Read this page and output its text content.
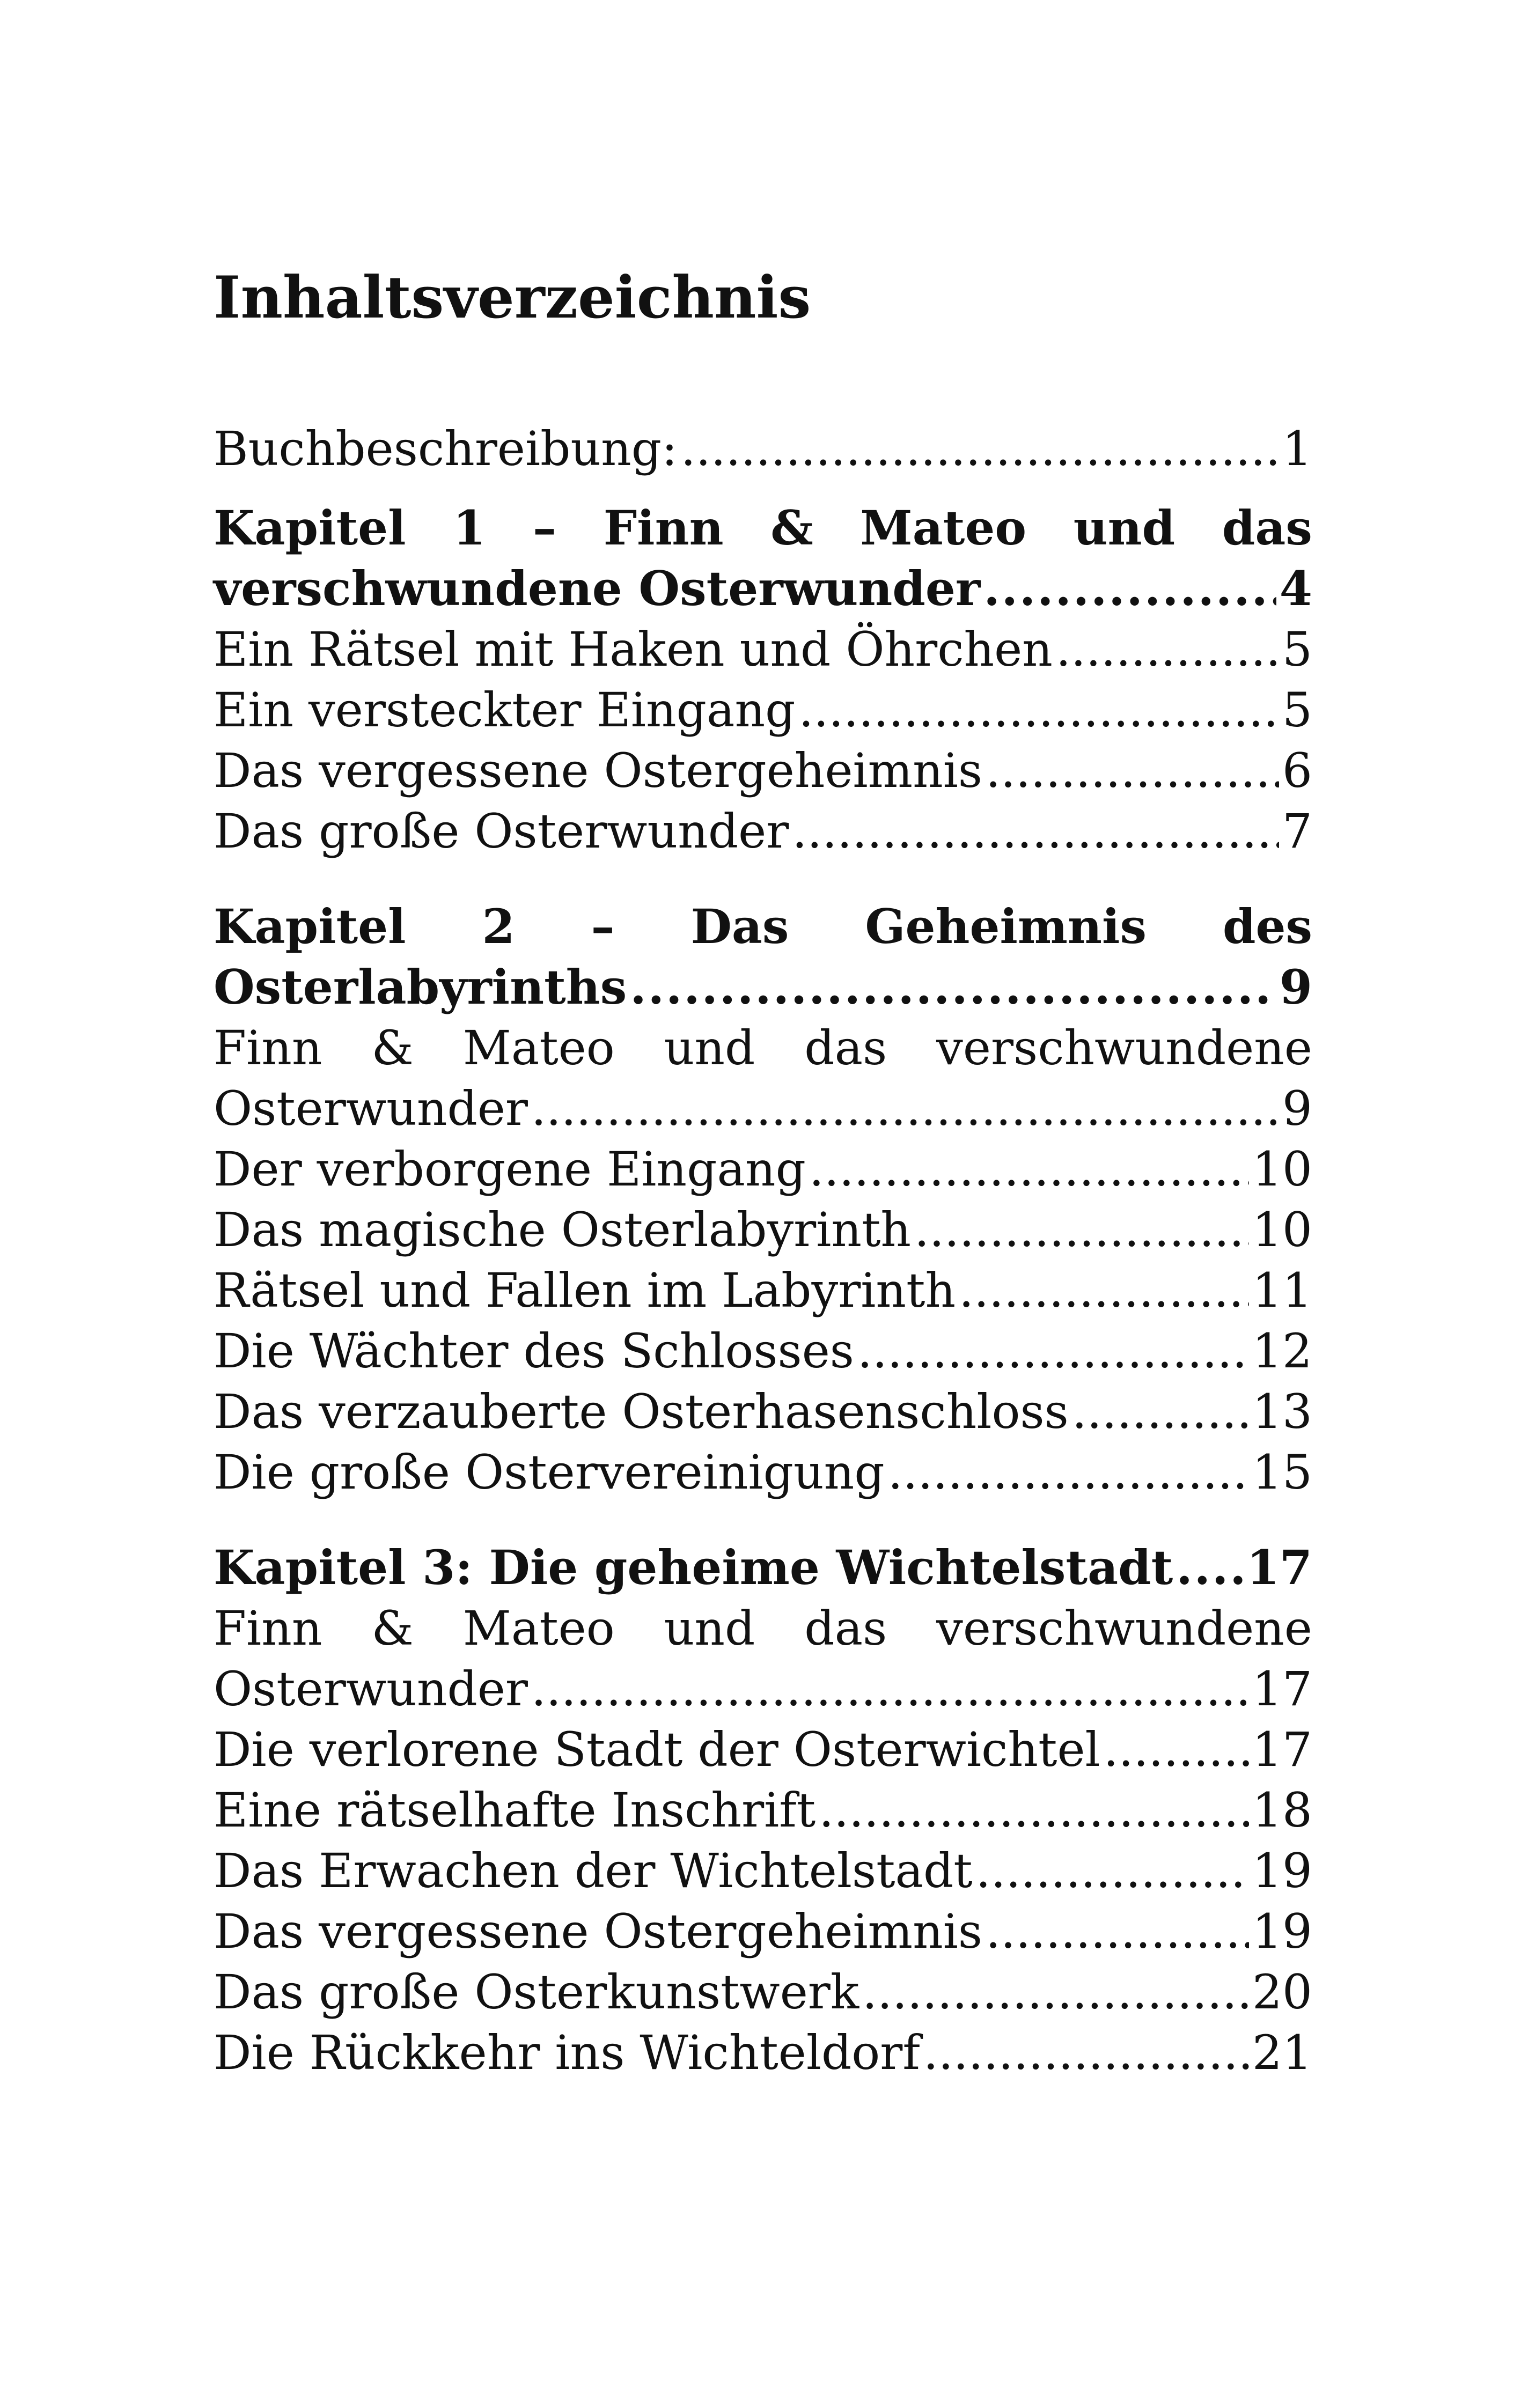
Inhaltsverzeichnis
Buchbeschreibung: . . .	1
Kapitel 1 – Finn & Mateo und das
verschwundene Osterwunder . . .	4
Ein Rätsel mit Haken und Öhrchen . . .	5
Ein versteckter Eingang . . .	5
Das vergessene Ostergeheimnis . . .	6
Das große Osterwunder . . .	7
Kapitel 2 – Das Geheimnis des
Osterlabyrinths . . .	9
Finn & Mateo und das verschwundene
Osterwunder . . .	9
Der verborgene Eingang . . .	10
Das magische Osterlabyrinth . . .	10
Rätsel und Fallen im Labyrinth . . .	11
Die Wächter des Schlosses . . .	12
Das verzauberte Osterhasenschloss . . .	13
Die große Ostervereinigung . . .	15
Kapitel 3: Die geheime Wichtelstadt . . . 17
Finn & Mateo und das verschwundene
Osterwunder . . .	17
Die verlorene Stadt der Osterwichtel . . .	17
Eine rätselhafte Inschrift . . .	18
Das Erwachen der Wichtelstadt . . .	19
Das vergessene Ostergeheimnis . . .	19
Das große Osterkunstwerk . . .	20
Die Rückkehr ins Wichteldorf . . .	21
